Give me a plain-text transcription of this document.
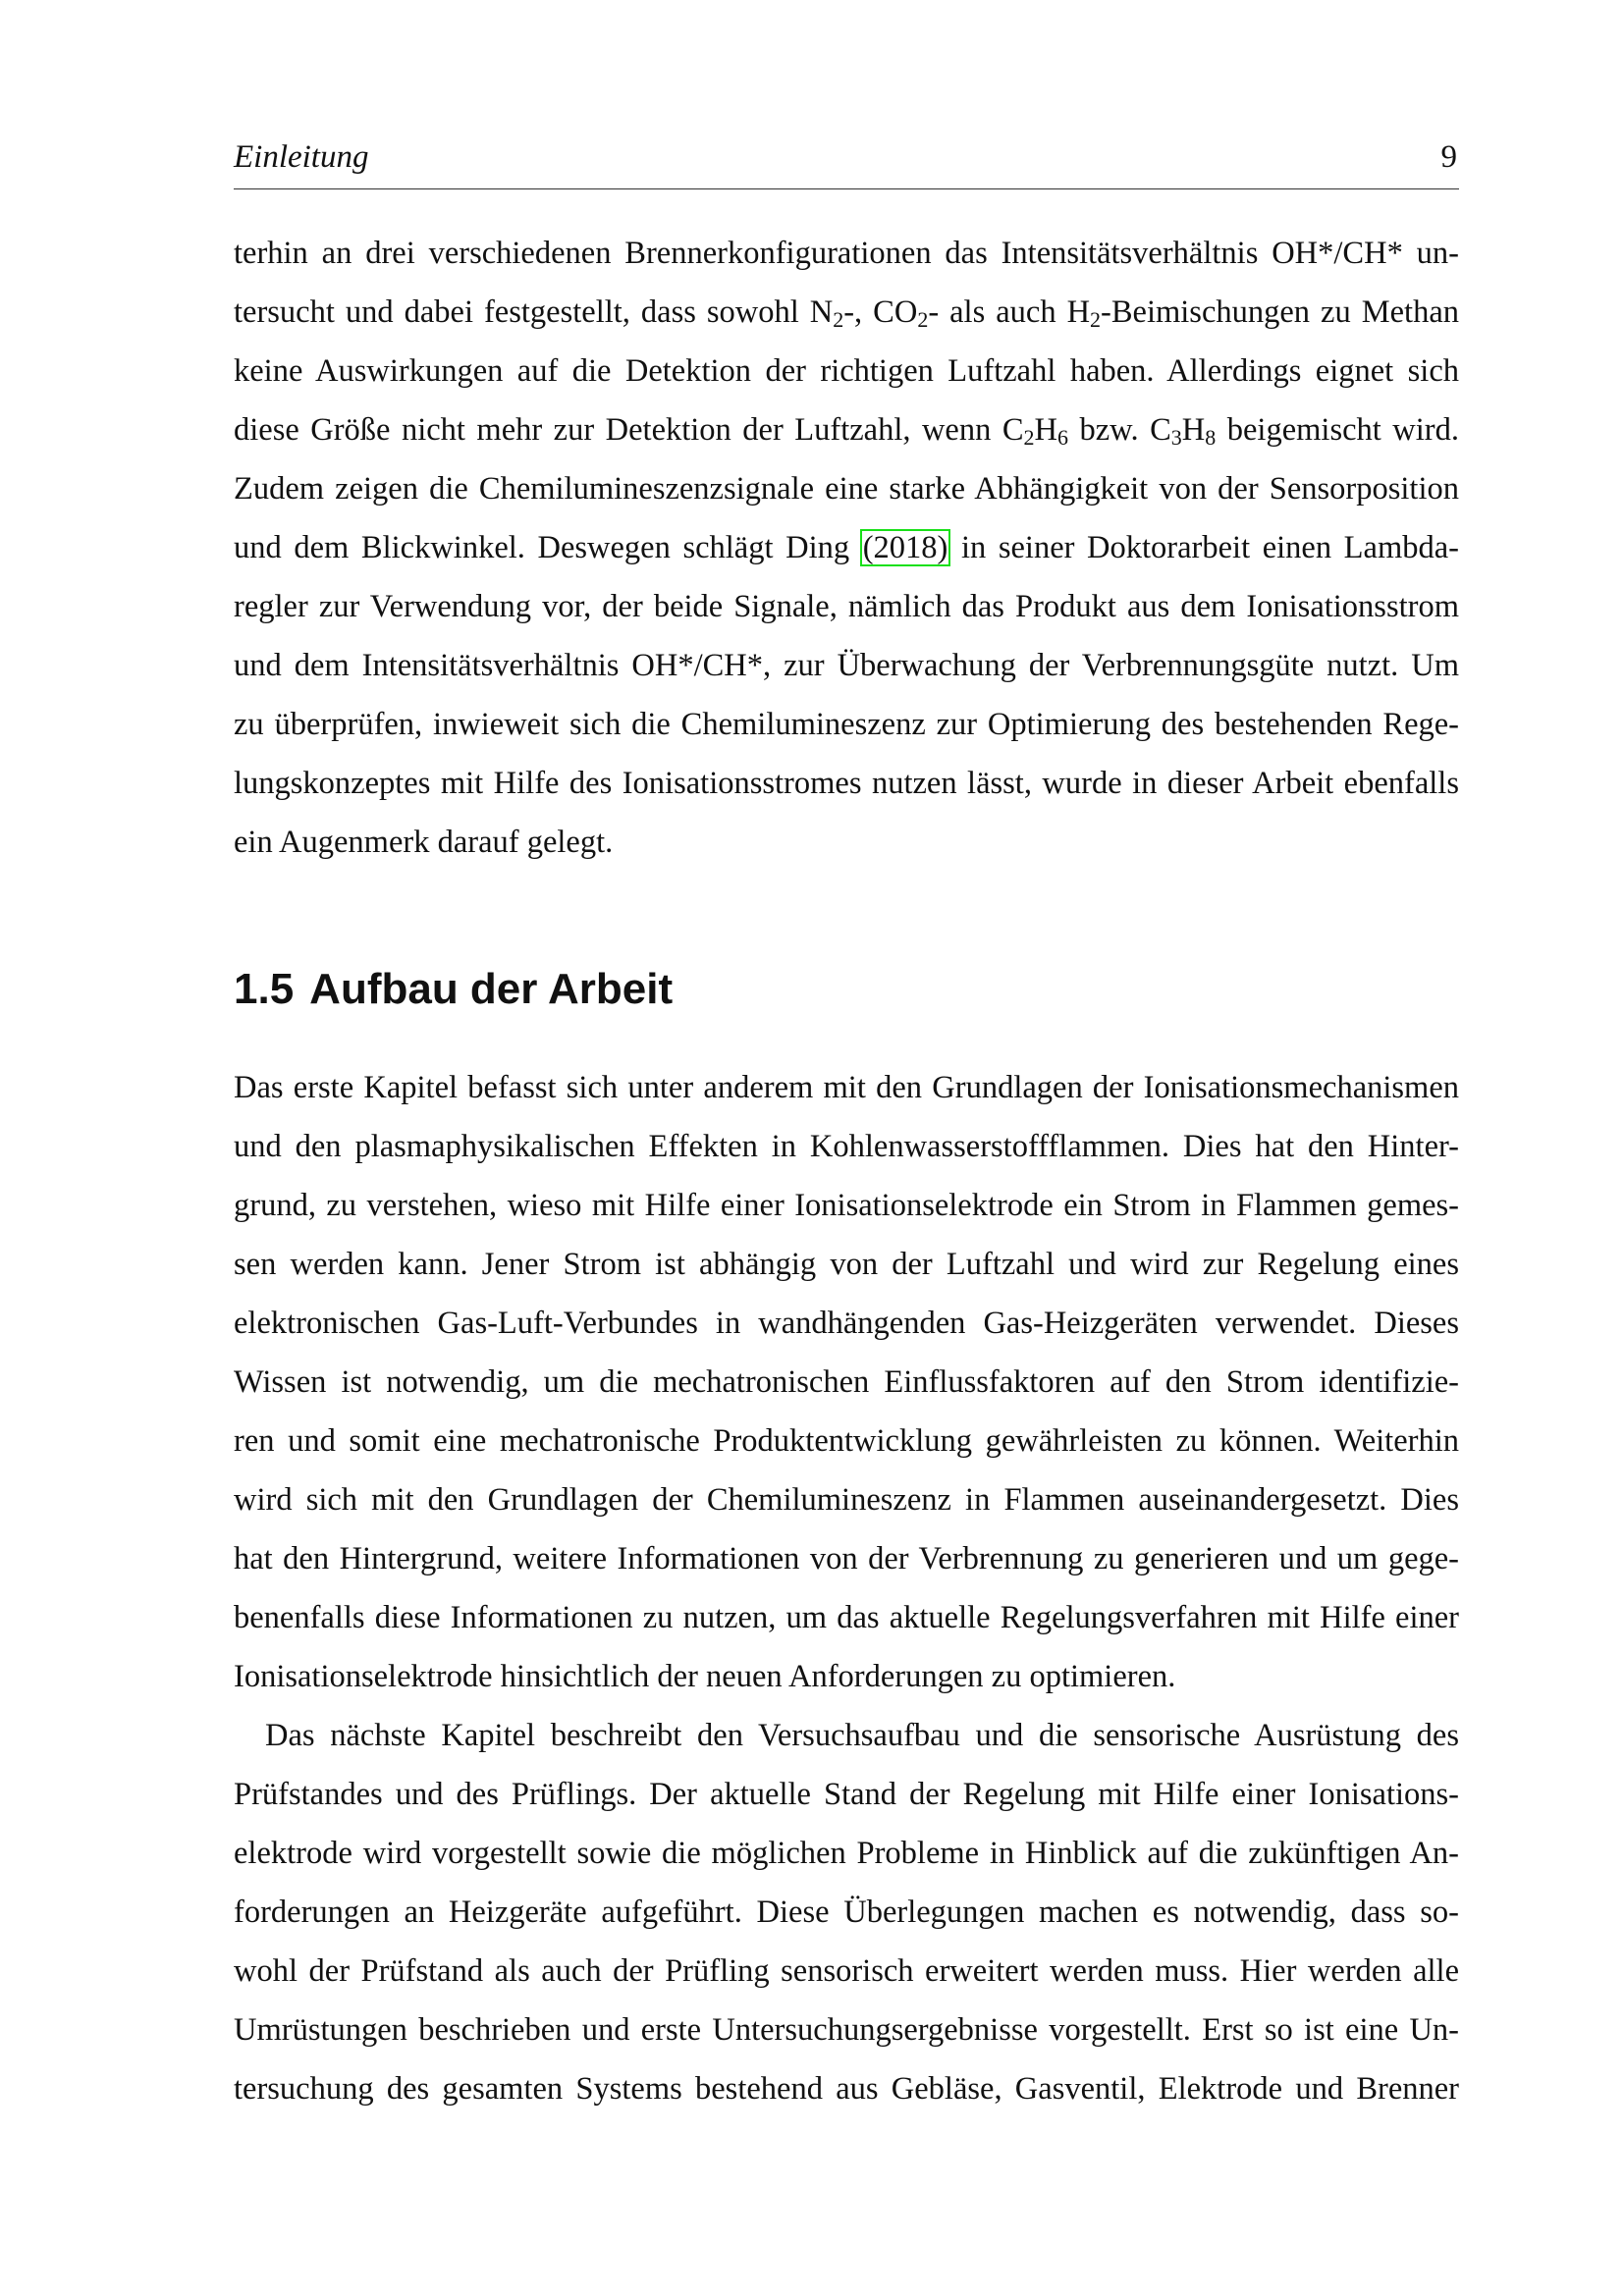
Einleitung	9
terhin an drei verschiedenen Brennerkonfigurationen das Intensitätsverhältnis OH*/CH* un-
tersucht und dabei festgestellt, dass sowohl $N_2-$, $CO_2-$ als auch $H_2$-Beimischungen zu Methan
keine Auswirkungen auf die Detektion der richtigen Luftzahl haben. Allerdings eignet sich
diese Größe nicht mehr zur Detektion der Luftzahl, wenn $C_2H_6$ bzw. $C_3H_8$ beigemischt wird.
Zudem zeigen die Chemilumineszenzsignale eine starke Abhängigkeit von der Sensorposition
und dem Blickwinkel. Deswegen schlägt Ding (2018) in seiner Doktorarbeit einen Lambda-
regler zur Verwendung vor, der beide Signale, nämlich das Produkt aus dem Ionisationsstrom
und dem Intensitätsverhältnis OH*/CH*, zur Überwachung der Verbrennungsgüte nutzt. Um
zu überprüfen, inwieweit sich die Chemilumineszenz zur Optimierung des bestehenden Rege-
lungskonzeptes mit Hilfe des Ionisationsstromes nutzen lässt, wurde in dieser Arbeit ebenfalls
ein Augenmerk darauf gelegt.
1.5 Aufbau der Arbeit
Das erste Kapitel befasst sich unter anderem mit den Grundlagen der Ionisationsmechanismen
und den plasmaphysikalischen Effekten in Kohlenwasserstoffflammen. Dies hat den Hinter-
grund, zu verstehen, wieso mit Hilfe einer Ionisationselektrode ein Strom in Flammen gemes-
sen werden kann. Jener Strom ist abhängig von der Luftzahl und wird zur Regelung eines
elektronischen Gas-Luft-Verbundes in wandhängenden Gas-Heizgeräten verwendet. Dieses
Wissen ist notwendig, um die mechatronischen Einflussfaktoren auf den Strom identifizie-
ren und somit eine mechatronische Produktentwicklung gewährleisten zu können. Weiterhin
wird sich mit den Grundlagen der Chemilumineszenz in Flammen auseinandergesetzt. Dies
hat den Hintergrund, weitere Informationen von der Verbrennung zu generieren und um gege-
benenfalls diese Informationen zu nutzen, um das aktuelle Regelungsverfahren mit Hilfe einer
Ionisationselektrode hinsichtlich der neuen Anforderungen zu optimieren.
Das nächste Kapitel beschreibt den Versuchsaufbau und die sensorische Ausrüstung des
Prüfstandes und des Prüflings. Der aktuelle Stand der Regelung mit Hilfe einer Ionisations-
elektrode wird vorgestellt sowie die möglichen Probleme in Hinblick auf die zukünftigen An-
forderungen an Heizgeräte aufgeführt. Diese Überlegungen machen es notwendig, dass so-
wohl der Prüfstand als auch der Prüfling sensorisch erweitert werden muss. Hier werden alle
Umrüstungen beschrieben und erste Untersuchungsergebnisse vorgestellt. Erst so ist eine Un-
tersuchung des gesamten Systems bestehend aus Gebläse, Gasventil, Elektrode und Brenner
